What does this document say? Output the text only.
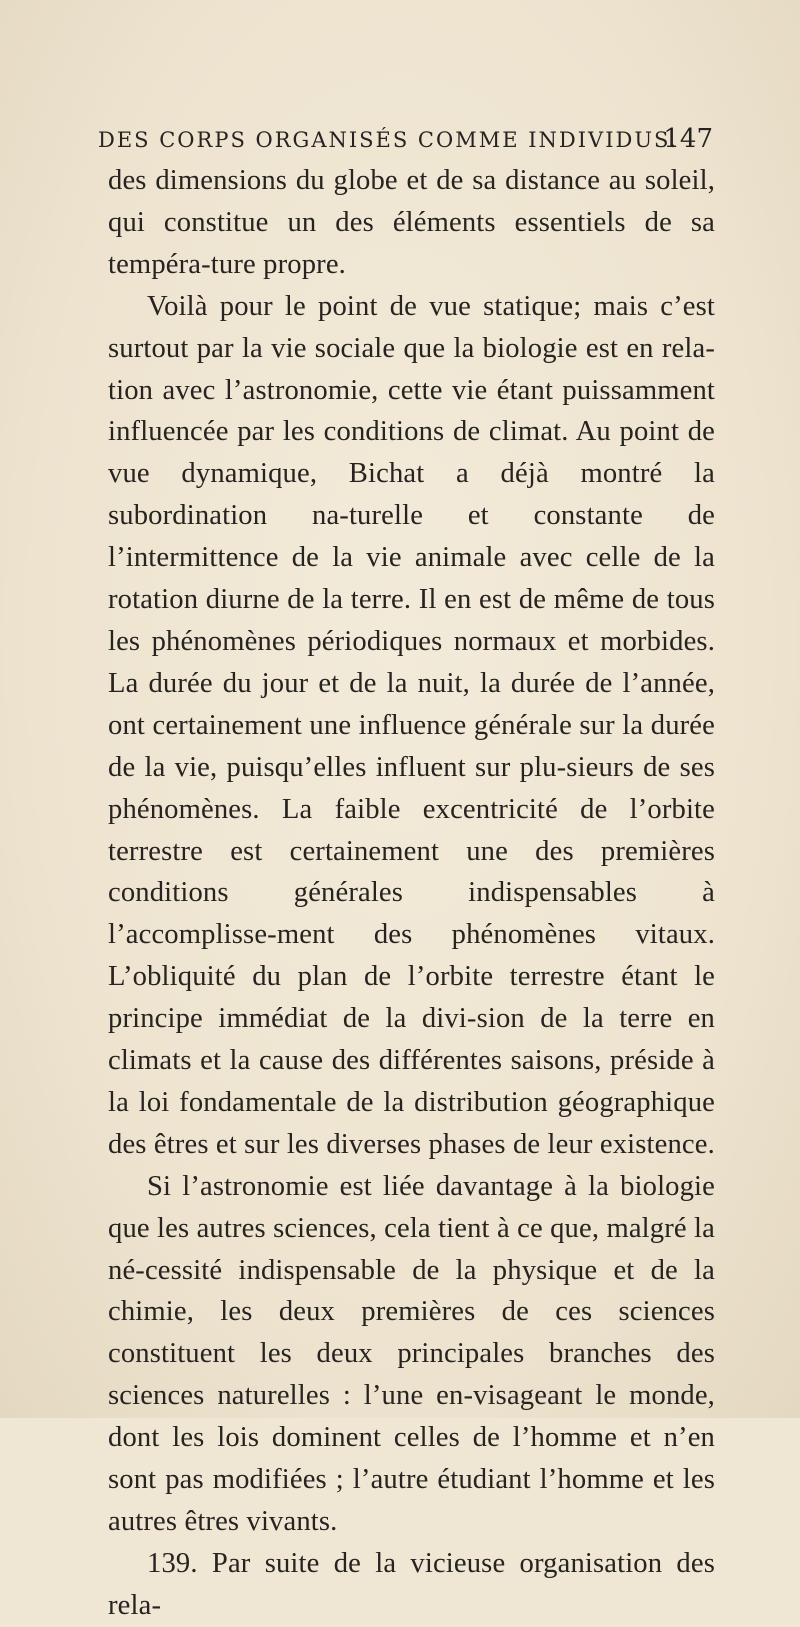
DES CORPS ORGANISÉS COMME INDIVIDUS.
147

des dimensions du globe et de sa distance au soleil, qui constitue un des éléments essentiels de sa tempéra-ture propre.

Voilà pour le point de vue statique; mais c’est surtout par la vie sociale que la biologie est en rela-tion avec l’astronomie, cette vie étant puissamment influencée par les conditions de climat. Au point de vue dynamique, Bichat a déjà montré la subordination na-turelle et constante de l’intermittence de la vie animale avec celle de la rotation diurne de la terre. Il en est de même de tous les phénomènes périodiques normaux et morbides. La durée du jour et de la nuit, la durée de l’année, ont certainement une influence générale sur la durée de la vie, puisqu’elles influent sur plu-sieurs de ses phénomènes. La faible excentricité de l’orbite terrestre est certainement une des premières conditions générales indispensables à l’accomplisse-ment des phénomènes vitaux. L’obliquité du plan de l’orbite terrestre étant le principe immédiat de la divi-sion de la terre en climats et la cause des différentes saisons, préside à la loi fondamentale de la distribution géographique des êtres et sur les diverses phases de leur existence.

Si l’astronomie est liée davantage à la biologie que les autres sciences, cela tient à ce que, malgré la né-cessité indispensable de la physique et de la chimie, les deux premières de ces sciences constituent les deux principales branches des sciences naturelles : l’une en-visageant le monde, dont les lois dominent celles de l’homme et n’en sont pas modifiées ; l’autre étudiant l’homme et les autres êtres vivants.

139. Par suite de la vicieuse organisation des rela-
